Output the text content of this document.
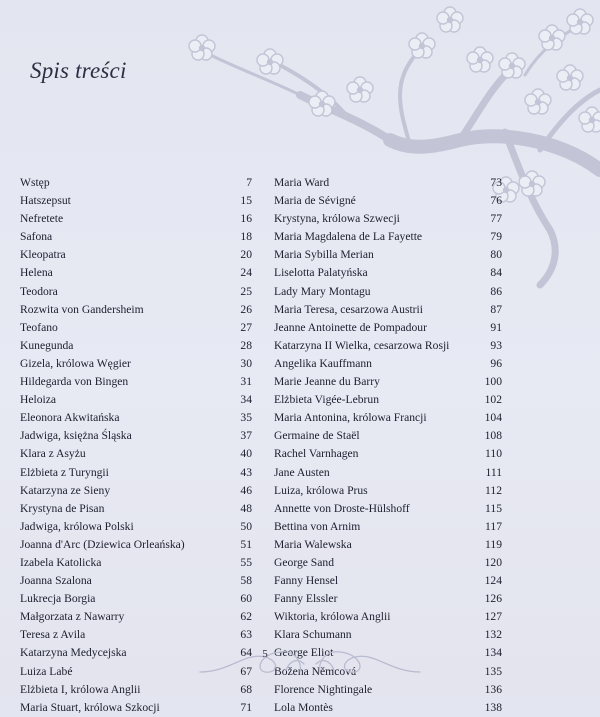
Spis treści
Wstęp	7
Hatszepsut	15
Nefretete	16
Safona	18
Kleopatra	20
Helena	24
Teodora	25
Rozwita von Gandersheim	26
Teofano	27
Kunegunda	28
Gizela, królowa Węgier	30
Hildegarda von Bingen	31
Heloiza	34
Eleonora Akwitańska	35
Jadwiga, księżna Śląska	37
Klara z Asyżu	40
Elżbieta z Turyngii	43
Katarzyna ze Sieny	46
Krystyna de Pisan	48
Jadwiga, królowa Polski	50
Joanna d'Arc (Dziewica Orleańska)	51
Izabela Katolicka	55
Joanna Szalona	58
Lukrecja Borgia	60
Małgorzata z Nawarry	62
Teresa z Avila	63
Katarzyna Medycejska	64
Luiza Labé	67
Elżbieta I, królowa Anglii	68
Maria Stuart, królowa Szkocji	71
Maria Ward	73
Maria de Sévigné	76
Krystyna, królowa Szwecji	77
Maria Magdalena de La Fayette	79
Maria Sybilla Merian	80
Liselotta Palatyńska	84
Lady Mary Montagu	86
Maria Teresa, cesarzowa Austrii	87
Jeanne Antoinette de Pompadour	91
Katarzyna II Wielka, cesarzowa Rosji	93
Angelika Kauffmann	96
Marie Jeanne du Barry	100
Elżbieta Vigée-Lebrun	102
Maria Antonina, królowa Francji	104
Germaine de Staël	108
Rachel Varnhagen	110
Jane Austen	111
Luiza, królowa Prus	112
Annette von Droste-Hülshoff	115
Bettina von Arnim	117
Maria Walewska	119
George Sand	120
Fanny Hensel	124
Fanny Elssler	126
Wiktoria, królowa Anglii	127
Klara Schumann	132
George Eliot	134
Božena Němcová	135
Florence Nightingale	136
Lola Montès	138
5
